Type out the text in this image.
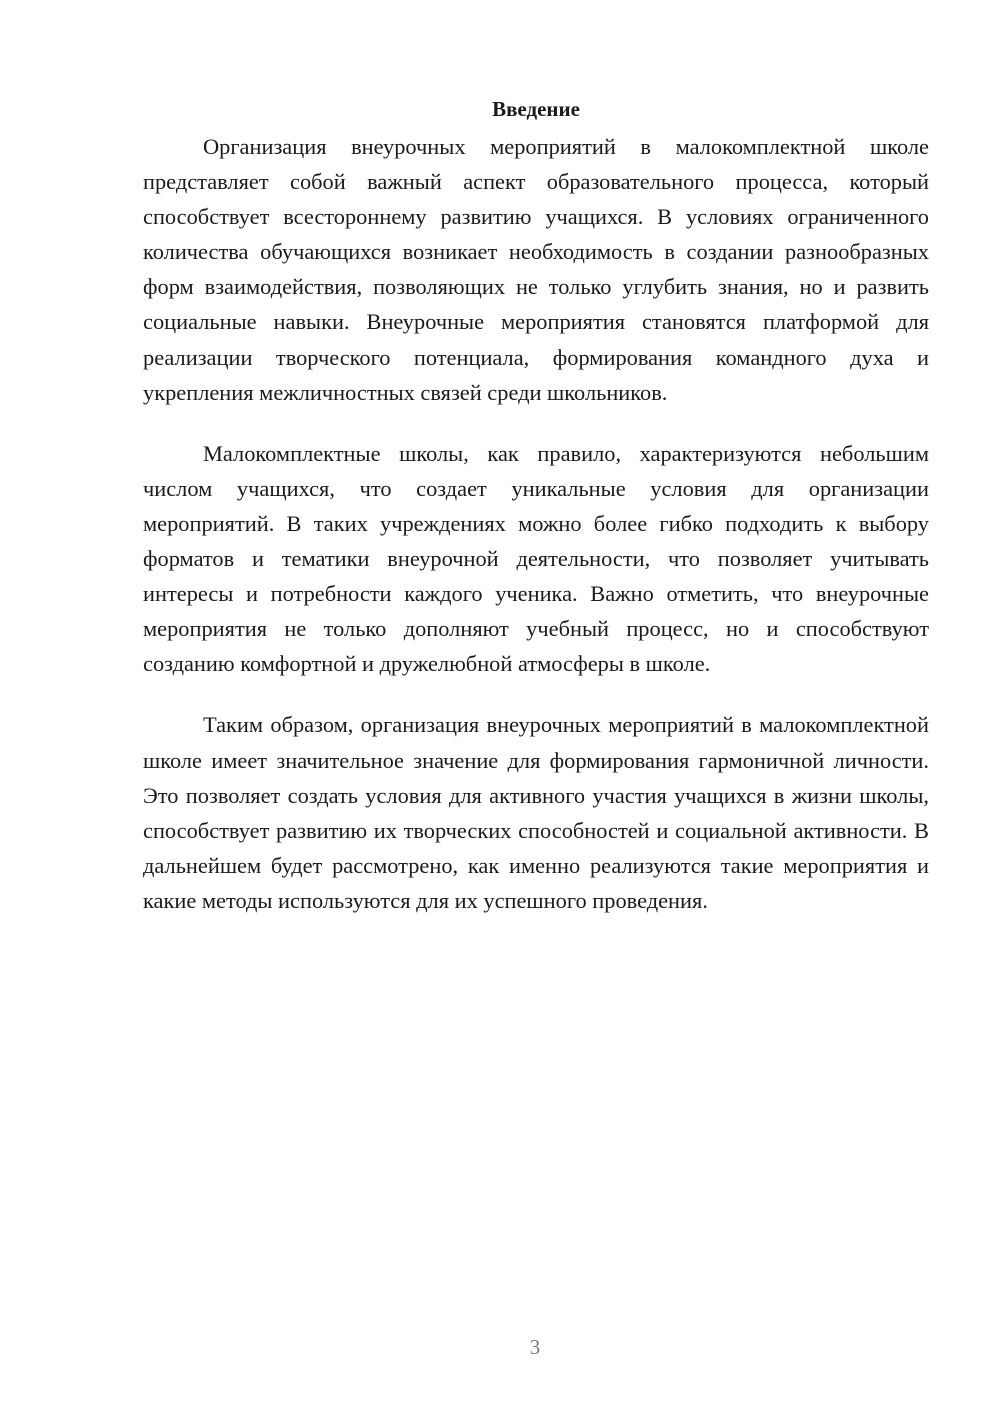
Введение

Организация внеурочных мероприятий в малокомплектной школе представляет собой важный аспект образовательного процесса, который способствует всестороннему развитию учащихся. В условиях ограниченного количества обучающихся возникает необходимость в создании разнообразных форм взаимодействия, позволяющих не только углубить знания, но и развить социальные навыки. Внеурочные мероприятия становятся платформой для реализации творческого потенциала, формирования командного духа и укрепления межличностных связей среди школьников.

Малокомплектные школы, как правило, характеризуются небольшим числом учащихся, что создает уникальные условия для организации мероприятий. В таких учреждениях можно более гибко подходить к выбору форматов и тематики внеурочной деятельности, что позволяет учитывать интересы и потребности каждого ученика. Важно отметить, что внеурочные мероприятия не только дополняют учебный процесс, но и способствуют созданию комфортной и дружелюбной атмосферы в школе.

Таким образом, организация внеурочных мероприятий в малокомплектной школе имеет значительное значение для формирования гармоничной личности. Это позволяет создать условия для активного участия учащихся в жизни школы, способствует развитию их творческих способностей и социальной активности. В дальнейшем будет рассмотрено, как именно реализуются такие мероприятия и какие методы используются для их успешного проведения.

3
